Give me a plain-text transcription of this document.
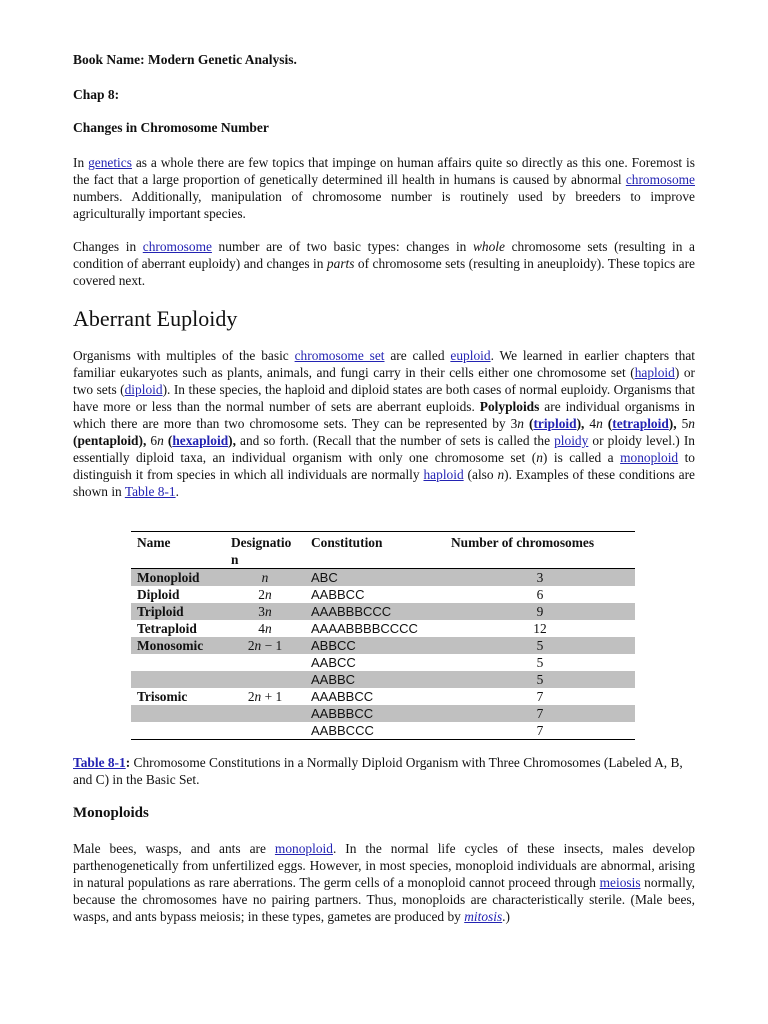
Book Name: Modern Genetic Analysis.
Chap 8:
Changes in Chromosome Number

In genetics as a whole there are few topics that impinge on human affairs quite so directly as this one. Foremost is the fact that a large proportion of genetically determined ill health in humans is caused by abnormal chromosome numbers. Additionally, manipulation of chromosome number is routinely used by breeders to improve agriculturally important species.

Changes in chromosome number are of two basic types: changes in whole chromosome sets (resulting in a condition of aberrant euploidy) and changes in parts of chromosome sets (resulting in aneuploidy). These topics are covered next.

Aberrant Euploidy

Organisms with multiples of the basic chromosome set are called euploid. We learned in earlier chapters that familiar eukaryotes such as plants, animals, and fungi carry in their cells either one chromosome set (haploid) or two sets (diploid). In these species, the haploid and diploid states are both cases of normal euploidy. Organisms that have more or less than the normal number of sets are aberrant euploids. Polyploids are individual organisms in which there are more than two chromosome sets. They can be represented by 3n (triploid), 4n (tetraploid), 5n (pentaploid), 6n (hexaploid), and so forth. (Recall that the number of sets is called the ploidy or ploidy level.) In essentially diploid taxa, an individual organism with only one chromosome set (n) is called a monoploid to distinguish it from species in which all individuals are normally haploid (also n). Examples of these conditions are shown in Table 8-1.

Name	Designatio n	Constitution	Number of chromosomes
Monoploid	n	ABC	3
Diploid	2n	AABBCC	6
Triploid	3n	AAABBBCCC	9
Tetraploid	4n	AAAABBBBCCCC	12
Monosomic	2n − 1	ABBCC	5
		AABCC	5
		AABBC	5
Trisomic	2n + 1	AAABBCC	7
		AABBBCC	7
		AABBCCC	7
Table 8-1: Chromosome Constitutions in a Normally Diploid Organism with Three Chromosomes (Labeled A, B, and C) in the Basic Set.
Monoploids

Male bees, wasps, and ants are monoploid. In the normal life cycles of these insects, males develop parthenogenetically from unfertilized eggs. However, in most species, monoploid individuals are abnormal, arising in natural populations as rare aberrations. The germ cells of a monoploid cannot proceed through meiosis normally, because the chromosomes have no pairing partners. Thus, monoploids are characteristically sterile. (Male bees, wasps, and ants bypass meiosis; in these types, gametes are produced by mitosis.)
